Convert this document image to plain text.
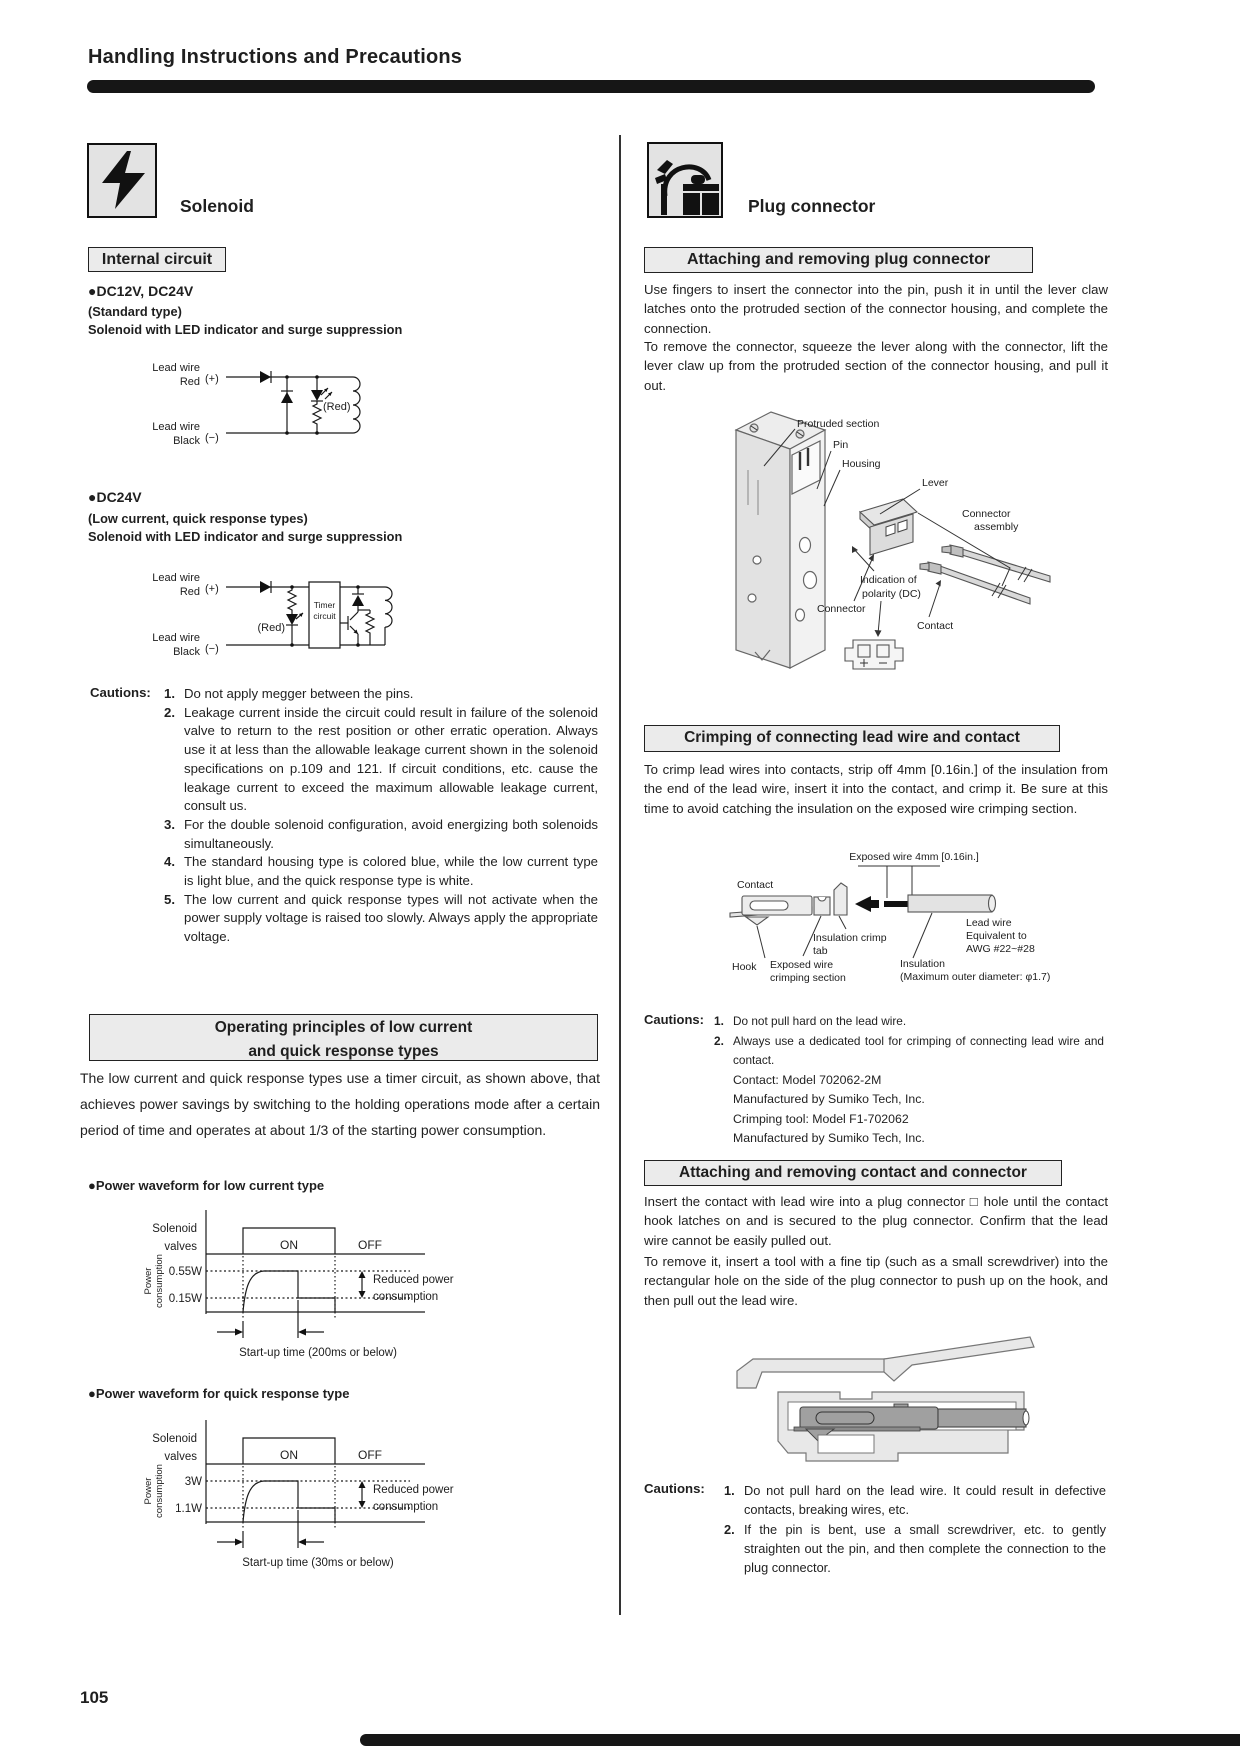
Handling Instructions and Precautions
Solenoid
Internal circuit
●DC12V, DC24V
(Standard type)
Solenoid with LED indicator and surge suppression
Lead wire
Red (+)
Lead wire
Black (−)
(Red)
●DC24V
(Low current, quick response types)
Solenoid with LED indicator and surge suppression
Lead wire
Red (+)
Lead wire
Black (−)
(Red)
Timer
circuit
Cautions:	Do not apply megger between the pins.
Leakage current inside the circuit could result in failure of the solenoid valve to return to the rest position or other erratic operation. Always use it at less than the allowable leakage current shown in the solenoid specifications on p.109 and 121. If circuit conditions, etc. cause the leakage current to exceed the maximum allowable leakage current, consult us.
For the double solenoid configuration, avoid energizing both solenoids simultaneously.
The standard housing type is colored blue, while the low current type is light blue, and the quick response type is white.
The low current and quick response types will not activate when the power supply voltage is raised too slowly. Always apply the appropriate voltage.
Operating principles of low current
and quick response types
The low current and quick response types use a timer circuit, as shown above, that achieves power savings by switching to the holding operations mode after a certain period of time and operates at about 1/3 of the starting power consumption.
●Power waveform for low current type
Solenoid
valves	ON	OFF
Power consumption 0.55W
0.15W
Start-up time (200ms or below)
Reduced power
consumption
●Power waveform for quick response type
Solenoid
valves	ON	OFF
Power consumption 3W
1.1W
Start-up time (30ms or below)
Reduced power
consumption
Plug connector
Attaching and removing plug connector
Use fingers to insert the connector into the pin, push it in until the lever claw latches onto the protruded section of the connector housing, and complete the connection.
To remove the connector, squeeze the lever along with the connector, lift the lever claw up from the protruded section of the connector housing, and pull it out.
Protruded section
Pin
Housing
Lever
Connector
assembly
Indication of
polarity (DC)
Connector
Contact
Crimping of connecting lead wire and contact
To crimp lead wires into contacts, strip off 4mm [0.16in.] of the insulation from the end of the lead wire, insert it into the contact, and crimp it. Be sure at this time to avoid catching the insulation on the exposed wire crimping section.
Exposed wire 4mm [0.16in.]
Contact
Insulation crimp
tab
Hook Exposed wire
crimping section
Lead wire
Equivalent to
AWG #22~#28
Insulation
(Maximum outer diameter: φ1.7)
Cautions: Do not pull hard on the lead wire.
Always use a dedicated tool for crimping of connecting lead wire and contact.
Contact: Model 702062-2M
Manufactured by Sumiko Tech, Inc.
Crimping tool: Model F1-702062
Manufactured by Sumiko Tech, Inc.
Attaching and removing contact and connector
Insert the contact with lead wire into a plug connector □ hole until the contact hook latches on and is secured to the plug connector. Confirm that the lead wire cannot be easily pulled out.
To remove it, insert a tool with a fine tip (such as a small screwdriver) into the rectangular hole on the side of the plug connector to push up on the hook, and then pull out the lead wire.
Cautions:	Do not pull hard on the lead wire. It could result in defective contacts, breaking wires, etc.
If the pin is bent, use a small screwdriver, etc. to gently straighten out the pin, and then complete the connection to the plug connector.
105
